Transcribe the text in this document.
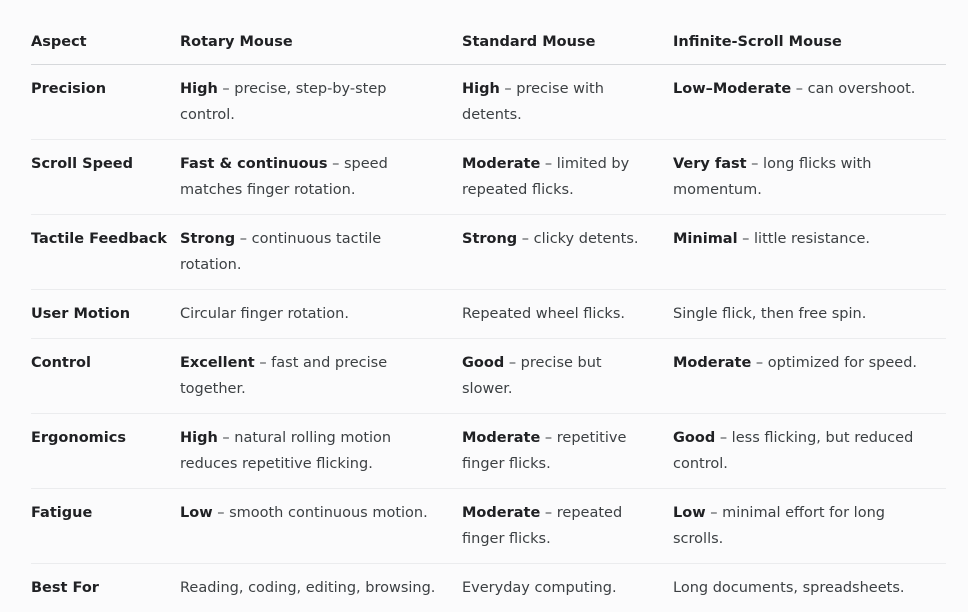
Aspect	Rotary Mouse	Standard Mouse	Infinite-Scroll Mouse
Precision	High – precise, step-by-step control.	High – precise with detents.	Low–Moderate – can overshoot.

Scroll Speed	Fast & continuous – speed matches finger rotation.	Moderate – limited by repeated flicks.	Very fast – long flicks with momentum.

Tactile Feedback	Strong – continuous tactile rotation.	Strong – clicky detents.	Minimal – little resistance.

User Motion	Circular finger rotation.	Repeated wheel flicks.	Single flick, then free spin.

Control	Excellent – fast and precise together.	Good – precise but slower.	Moderate – optimized for speed.

Ergonomics	High – natural rolling motion reduces repetitive flicking.	Moderate – repetitive finger flicks.	Good – less flicking, but reduced control.

Fatigue	Low – smooth continuous motion.	Moderate – repeated finger flicks.	Low – minimal effort for long scrolls.

Best For	Reading, coding, editing, browsing.	Everyday computing.	Long documents, spreadsheets.
